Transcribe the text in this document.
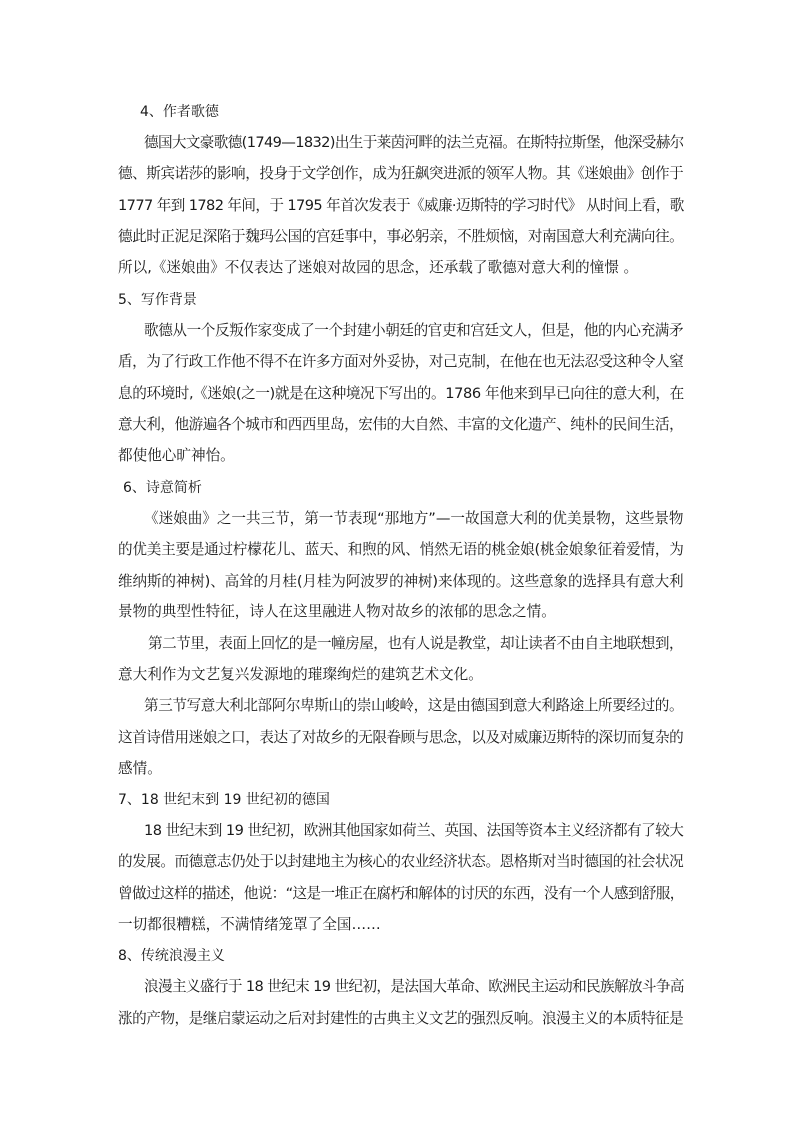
4、作者歌德
德国大文豪歌德(1749—1832)出生于莱茵河畔的法兰克福。在斯特拉斯堡，他深受赫尔
德、斯宾诺莎的影响，投身于文学创作，成为狂飙突进派的领军人物。其《迷娘曲》创作于
1777 年到 1782 年间，于 1795 年首次发表于《威廉·迈斯特的学习时代》 从时间上看，歌
德此时正泥足深陷于魏玛公国的宫廷事中，事必躬亲，不胜烦恼，对南国意大利充满向往。
所以,《迷娘曲》不仅表达了迷娘对故园的思念，还承载了歌德对意大利的憧憬 。
5、写作背景
歌德从一个反叛作家变成了一个封建小朝廷的官吏和宫廷文人，但是，他的内心充满矛
盾，为了行政工作他不得不在许多方面对外妥协，对己克制，在他在也无法忍受这种令人窒
息的环境时,《迷娘(之一)就是在这种境况下写出的。1786 年他来到早已向往的意大利，在
意大利，他游遍各个城市和西西里岛，宏伟的大自然、丰富的文化遗产、纯朴的民间生活，
都使他心旷神怡。
6、诗意简析
《迷娘曲》之一共三节，第一节表现“那地方”—一故国意大利的优美景物，这些景物
的优美主要是通过柠檬花儿、蓝天、和煦的风、悄然无语的桃金娘(桃金娘象征着爱情，为
维纳斯的神树)、高耸的月桂(月桂为阿波罗的神树)来体现的。这些意象的选择具有意大利
景物的典型性特征，诗人在这里融进人物对故乡的浓郁的思念之情。
第二节里，表面上回忆的是一幢房屋，也有人说是教堂，却让读者不由自主地联想到，
意大利作为文艺复兴发源地的璀璨绚烂的建筑艺术文化。
第三节写意大利北部阿尔卑斯山的崇山峻岭，这是由德国到意大利路途上所要经过的。
这首诗借用迷娘之口，表达了对故乡的无限眷顾与思念，以及对威廉迈斯特的深切而复杂的
感情。
7、18 世纪末到 19 世纪初的德国
18 世纪末到 19 世纪初，欧洲其他国家如荷兰、英国、法国等资本主义经济都有了较大
的发展。而德意志仍处于以封建地主为核心的农业经济状态。恩格斯对当时德国的社会状况
曾做过这样的描述，他说：“这是一堆正在腐朽和解体的讨厌的东西，没有一个人感到舒服，
一切都很糟糕，不满情绪笼罩了全国……
8、传统浪漫主义
浪漫主义盛行于 18 世纪末 19 世纪初，是法国大革命、欧洲民主运动和民族解放斗争高
涨的产物，是继启蒙运动之后对封建性的古典主义文艺的强烈反响。浪漫主义的本质特征是
